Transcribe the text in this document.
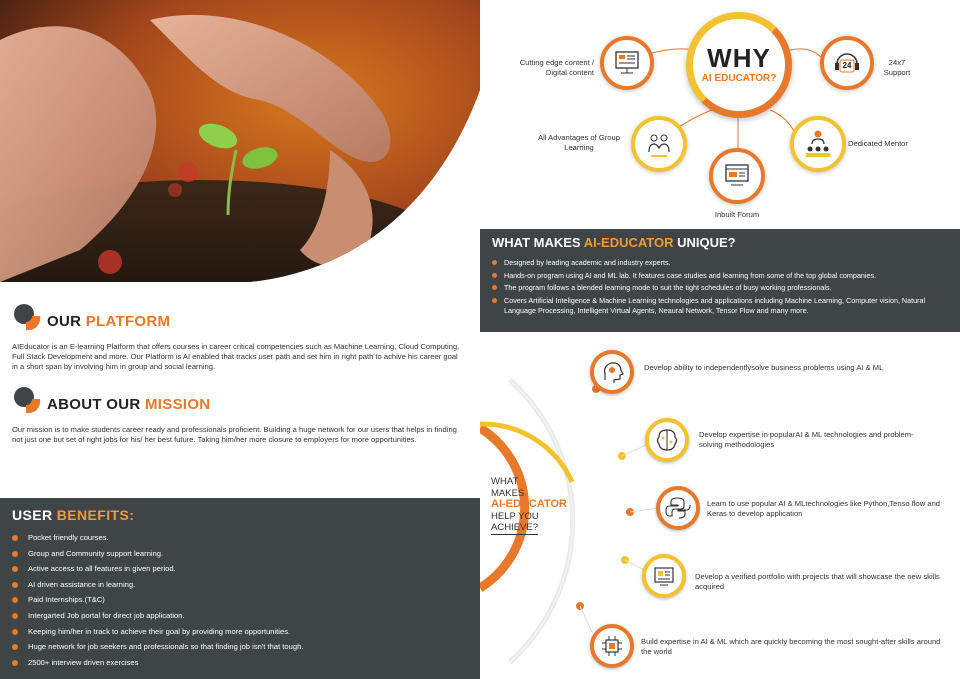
WHY
AI EDUCATOR?
Cutting edge content / Digital content
24	24x7 Support
All Advantages of Group Learning	Dedicated Mentor
Inbuilt Forum
OUR PLATFORM

AIEducator is an E-learning Platform that offers courses in career critical competencies such as Machine Learning, Cloud Computing, Full Stack Development and more. Our Platform is AI enabled that tracks user path and set him in right path to achive his career goal in a short span by involving him in group and social learning.

ABOUT OUR MISSION

Our mission is to make students career ready and professionals proficient. Building a huge network for our users that helps in finding not just one but set of right jobs for his/ her best future. Taking him/her more closure to employers for more opportunities.

USER BENEFITS:
Pocket friendly courses.
Group and Community support learning.
Active access to all features in given period.
AI driven assistance in learning.
Paid Internships.(T&C)
Intergarted Job portal for direct job application.
Keeping him/her in track to achieve their goal by providing more opportunities.
Huge network for job seekers and professionals so that finding job isn't that tough.
2500+ interview driven exercises
WHAT MAKES AI-EDUCATOR UNIQUE?
Designed by leading academic and industry experts.
Hands-on program using AI and ML lab. It features case studies and learning from some of the top global companies.
The program follows a blended learning mode to suit the tight schedules of busy working professionals.
Covers Artificial Inteligence & Machine Learning technologies and applications including Machine Learning, Computer vision, Natural Language Processing, Intelligent Virtual Agents, Neaural Network, Tensor Flow and many more.
WHAT
MAKES
AI-EDUCATOR
HELP YOU
ACHIEVE?
Develop ability to independentlysolve business problems using AI & ML
Develop expertise in popularAI & ML technologies and problem-solving methodologies
Learn to use popular AI & MLtechnologies like Python,Tenso flow and Keras to develop application
Develop a verified portfolio with projects that will showcase the new skills acquired
Build expertise in AI & ML which are quickly becoming the most sought-after skills around the world
